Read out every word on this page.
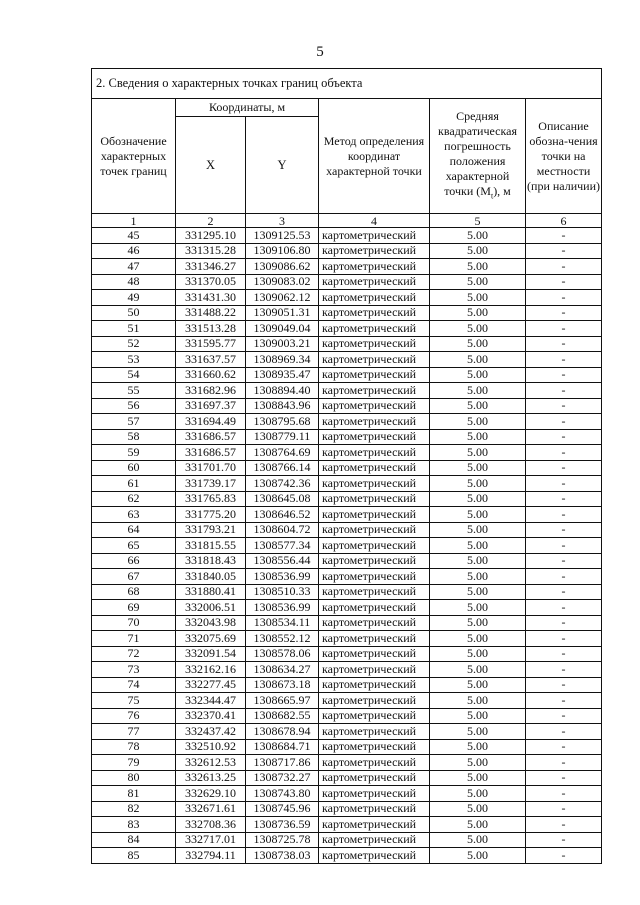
5
2. Сведения о характерных точках границ объекта					
Обозначение характерных точек границ	Координаты, м		Метод определения координат характерной точки	Средняя квадратическая погрешность положения характерной точки $(M_t)$, м	Описание обозна-чения точки на местности (при наличии)
	X	Y			
1	2	3	4	5	6
45	331295.10	1309125.53	картометрический	5.00	-
46	331315.28	1309106.80	картометрический	5.00	-
47	331346.27	1309086.62	картометрический	5.00	-
48	331370.05	1309083.02	картометрический	5.00	-
49	331431.30	1309062.12	картометрический	5.00	-
50	331488.22	1309051.31	картометрический	5.00	-
51	331513.28	1309049.04	картометрический	5.00	-
52	331595.77	1309003.21	картометрический	5.00	-
53	331637.57	1308969.34	картометрический	5.00	-
54	331660.62	1308935.47	картометрический	5.00	-
55	331682.96	1308894.40	картометрический	5.00	-
56	331697.37	1308843.96	картометрический	5.00	-
57	331694.49	1308795.68	картометрический	5.00	-
58	331686.57	1308779.11	картометрический	5.00	-
59	331686.57	1308764.69	картометрический	5.00	-
60	331701.70	1308766.14	картометрический	5.00	-
61	331739.17	1308742.36	картометрический	5.00	-
62	331765.83	1308645.08	картометрический	5.00	-
63	331775.20	1308646.52	картометрический	5.00	-
64	331793.21	1308604.72	картометрический	5.00	-
65	331815.55	1308577.34	картометрический	5.00	-
66	331818.43	1308556.44	картометрический	5.00	-
67	331840.05	1308536.99	картометрический	5.00	-
68	331880.41	1308510.33	картометрический	5.00	-
69	332006.51	1308536.99	картометрический	5.00	-
70	332043.98	1308534.11	картометрический	5.00	-
71	332075.69	1308552.12	картометрический	5.00	-
72	332091.54	1308578.06	картометрический	5.00	-
73	332162.16	1308634.27	картометрический	5.00	-
74	332277.45	1308673.18	картометрический	5.00	-
75	332344.47	1308665.97	картометрический	5.00	-
76	332370.41	1308682.55	картометрический	5.00	-
77	332437.42	1308678.94	картометрический	5.00	-
78	332510.92	1308684.71	картометрический	5.00	-
79	332612.53	1308717.86	картометрический	5.00	-
80	332613.25	1308732.27	картометрический	5.00	-
81	332629.10	1308743.80	картометрический	5.00	-
82	332671.61	1308745.96	картометрический	5.00	-
83	332708.36	1308736.59	картометрический	5.00	-
84	332717.01	1308725.78	картометрический	5.00	-
85	332794.11	1308738.03	картометрический	5.00	-
